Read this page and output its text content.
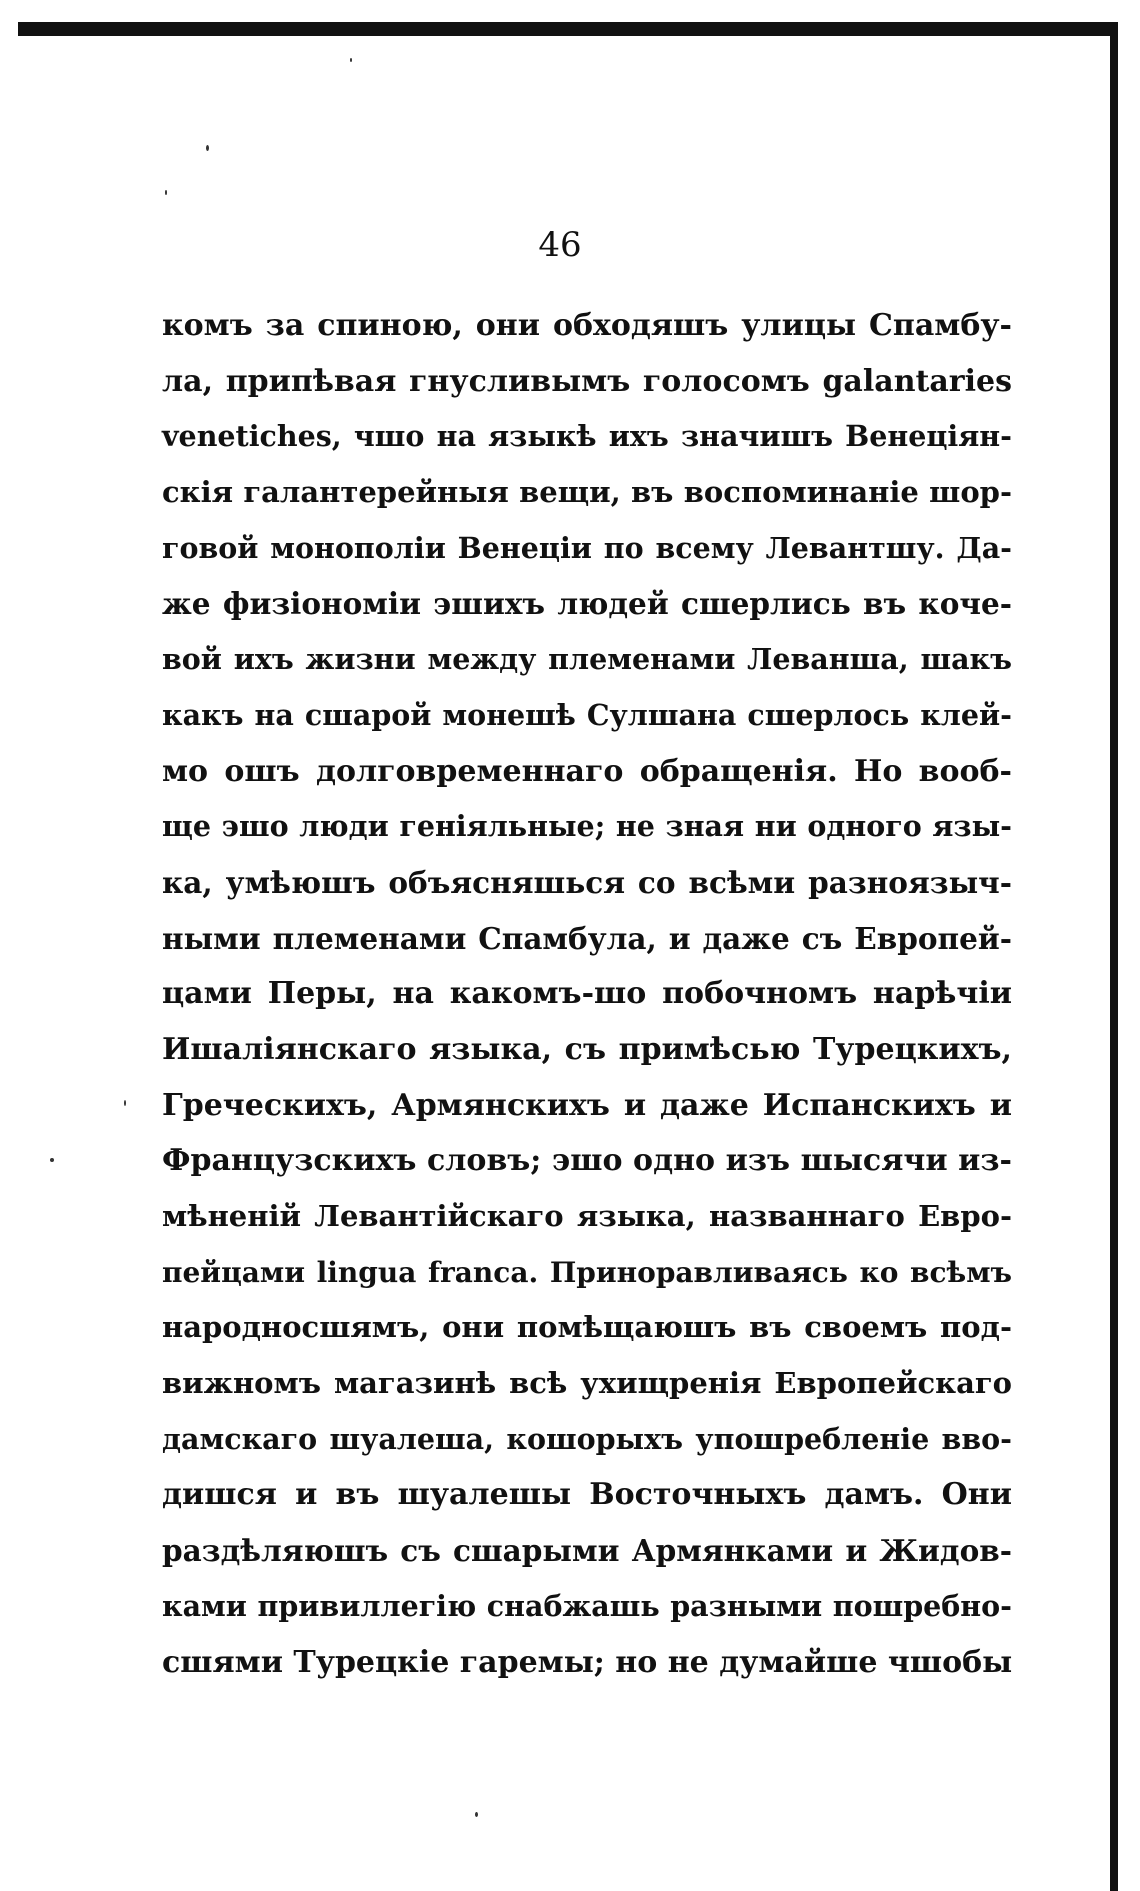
46
комъ за спиною, они обходяшъ улицы Спамбу-
ла, припѣвая гнусливымъ голосомъ galantaries
venetiches, чшо на языкѣ ихъ значишъ Венецiян-
скiя галантерейныя вещи, въ воспоминанiе шор-
говой монополiи Венецiи по всему Левантшу. Да-
же физiономiи эшихъ людей сшерлись въ коче-
вой ихъ жизни между племенами Леванша, шакъ
какъ на сшарой монешѣ Сулшана сшерлось клей-
мо ошъ долговременнаго обращенiя. Но вооб-
ще эшо люди генiяльные; не зная ни одного язы-
ка, умѣюшъ объясняшься со всѣми разноязыч-
ными племенами Спамбула, и даже съ Европей-
цами Перы, на какомъ-шо побочномъ нарѣчiи
Ишалiянскаго языка, съ примѣсью Турецкихъ,
Греческихъ, Армянскихъ и даже Испанскихъ и
Французскихъ словъ; эшо одно изъ шысячи из-
мѣненiй Левантiйскаго языка, названнаго Евро-
пейцами lingua franca. Приноравливаясь ко всѣмъ
народносшямъ, они помѣщаюшъ въ своемъ под-
вижномъ магазинѣ всѣ ухищренiя Европейскаго
дамскаго шуалеша, кошорыхъ упошребленiе вво-
дишся и въ шуалешы Восточныхъ дамъ. Они
раздѣляюшъ съ сшарыми Армянками и Жидов-
ками привиллегiю снабжашь разными пошребно-
сшями Турецкiе гаремы; но не думайше чшобы
